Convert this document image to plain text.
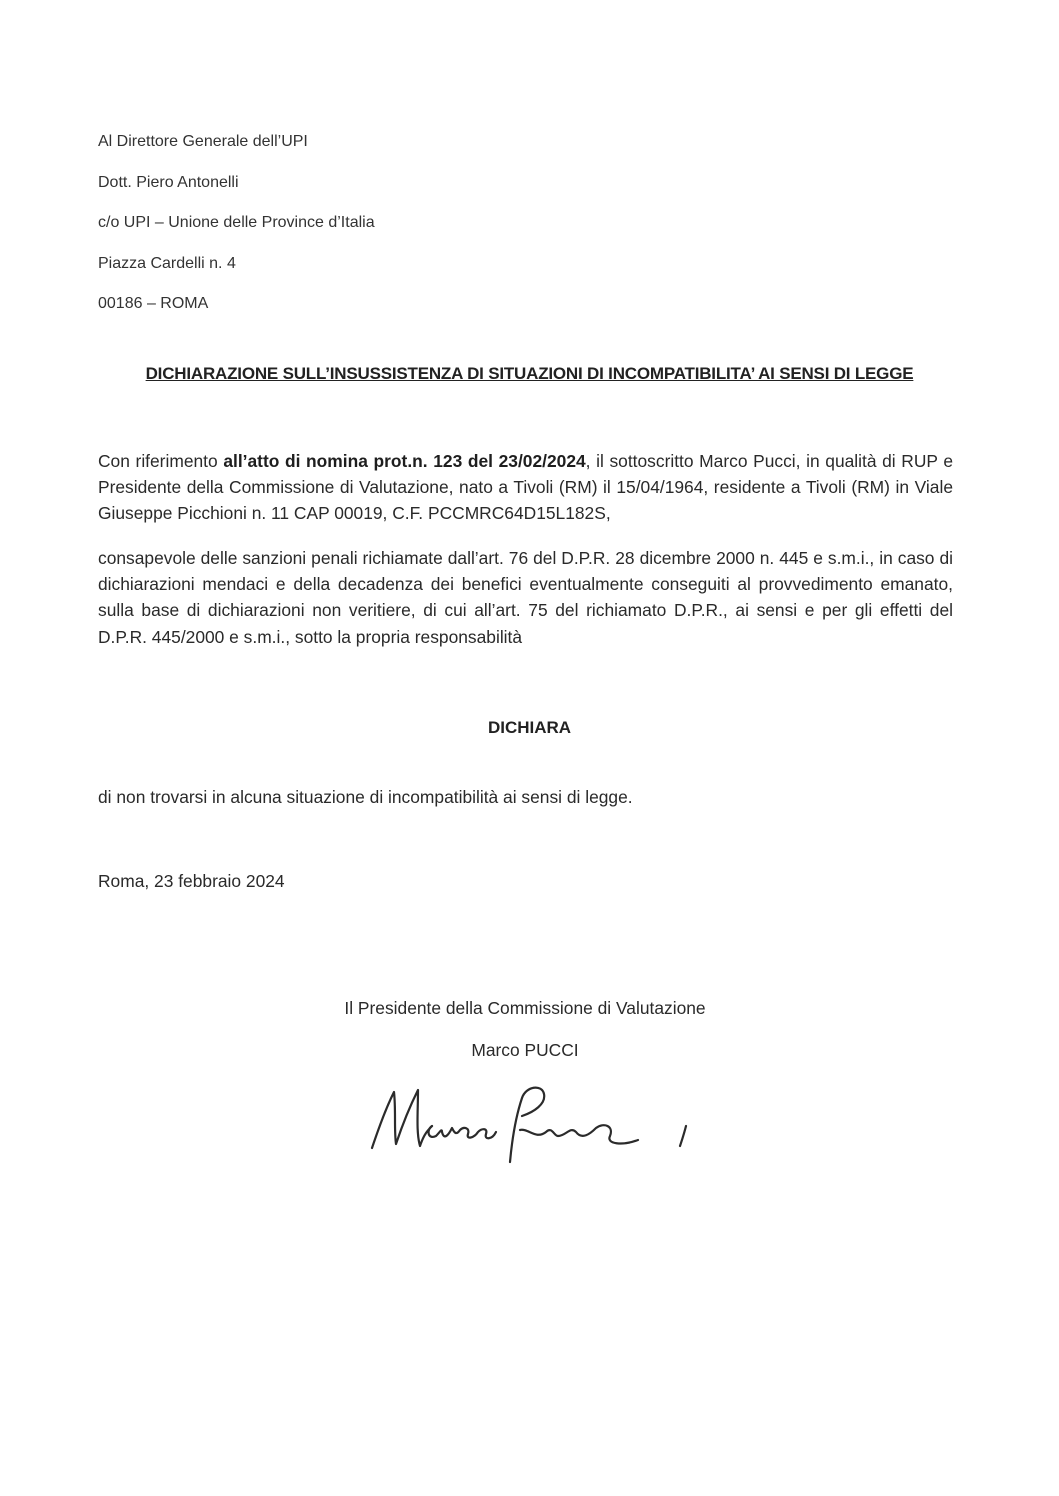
Al Direttore Generale dell’UPI
Dott. Piero Antonelli
c/o UPI – Unione delle Province d’Italia
Piazza Cardelli n. 4
00186 – ROMA
DICHIARAZIONE SULL’INSUSSISTENZA DI SITUAZIONI DI INCOMPATIBILITA’ AI SENSI DI LEGGE
Con riferimento all’atto di nomina prot.n. 123 del 23/02/2024, il sottoscritto Marco Pucci, in qualità di RUP e Presidente della Commissione di Valutazione, nato a Tivoli (RM) il 15/04/1964, residente a Tivoli (RM) in Viale Giuseppe Picchioni n. 11 CAP 00019, C.F. PCCMRC64D15L182S,
consapevole delle sanzioni penali richiamate dall’art. 76 del D.P.R. 28 dicembre 2000 n. 445 e s.m.i., in caso di dichiarazioni mendaci e della decadenza dei benefici eventualmente conseguiti al provvedimento emanato, sulla base di dichiarazioni non veritiere, di cui all’art. 75 del richiamato D.P.R., ai sensi e per gli effetti del D.P.R. 445/2000 e s.m.i., sotto la propria responsabilità
DICHIARA
di non trovarsi in alcuna situazione di incompatibilità ai sensi di legge.
Roma, 23 febbraio 2024
Il Presidente della Commissione di Valutazione
Marco PUCCI
